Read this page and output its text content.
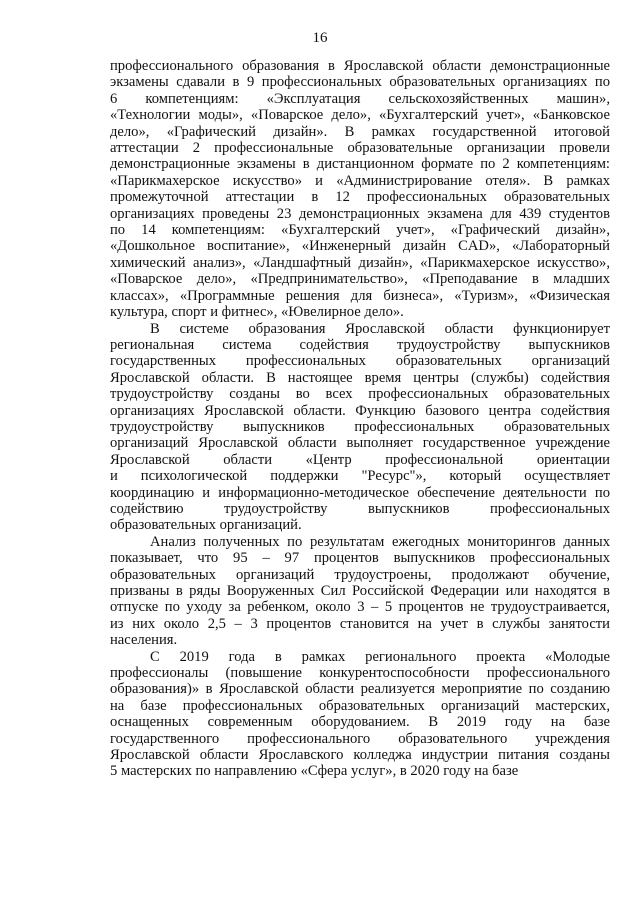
16
профессионального образования в Ярославской области демонстрационные
экзамены сдавали в 9 профессиональных образовательных организациях по
6 компетенциям: «Эксплуатация сельскохозяйственных машин»,
«Технологии моды», «Поварское дело», «Бухгалтерский учет», «Банковское
дело», «Графический дизайн». В рамках государственной итоговой
аттестации 2 профессиональные образовательные организации провели
демонстрационные экзамены в дистанционном формате по 2 компетенциям:
«Парикмахерское искусство» и «Администрирование отеля». В рамках
промежуточной аттестации в 12 профессиональных образовательных
организациях проведены 23 демонстрационных экзамена для 439 студентов
по 14 компетенциям: «Бухгалтерский учет», «Графический дизайн»,
«Дошкольное воспитание», «Инженерный дизайн CAD», «Лабораторный
химический анализ», «Ландшафтный дизайн», «Парикмахерское искусство»,
«Поварское дело», «Предпринимательство», «Преподавание в младших
классах», «Программные решения для бизнеса», «Туризм», «Физическая
культура, спорт и фитнес», «Ювелирное дело».
В системе образования Ярославской области функционирует
региональная система содействия трудоустройству выпускников
государственных профессиональных образовательных организаций
Ярославской области. В настоящее время центры (службы) содействия
трудоустройству созданы во всех профессиональных образовательных
организациях Ярославской области. Функцию базового центра содействия
трудоустройству выпускников профессиональных образовательных
организаций Ярославской области выполняет государственное учреждение
Ярославской области «Центр профессиональной ориентации
и психологической поддержки "Ресурс"», который осуществляет
координацию и информационно-методическое обеспечение деятельности по
содействию трудоустройству выпускников профессиональных
образовательных организаций.
Анализ полученных по результатам ежегодных мониторингов данных
показывает, что 95 – 97 процентов выпускников профессиональных
образовательных организаций трудоустроены, продолжают обучение,
призваны в ряды Вооруженных Сил Российской Федерации или находятся в
отпуске по уходу за ребенком, около 3 – 5 процентов не трудоустраивается,
из них около 2,5 – 3 процентов становится на учет в службы занятости
населения.
С 2019 года в рамках регионального проекта «Молодые
профессионалы (повышение конкурентоспособности профессионального
образования)» в Ярославской области реализуется мероприятие по созданию
на базе профессиональных образовательных организаций мастерских,
оснащенных современным оборудованием. В 2019 году на базе
государственного профессионального образовательного учреждения
Ярославской области Ярославского колледжа индустрии питания созданы
5 мастерских по направлению «Сфера услуг», в 2020 году на базе
